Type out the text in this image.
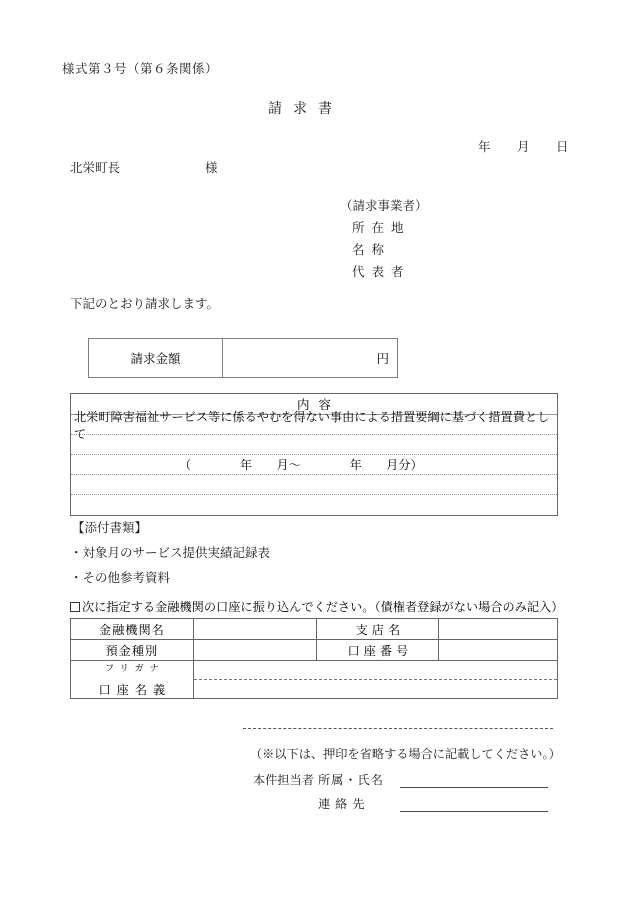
様式第３号（第６条関係）
請求書
年　　月　　日
北栄町長	様
（請求事業者）
所在地
名称
代表者
下記のとおり請求します。
請求金額	円
内容
北栄町障害福祉サービス等に係るやむを得ない事由による措置要綱に基づく措置費として
（　　　　年　　月〜　　　　年　　月分）
【添付書類】
・対象月のサービス提供実績記録表
・その他参考資料
次に指定する金融機関の口座に振り込んでください。（債権者登録がない場合のみ記入）
金融機関名		支店名	
預金種別		口座番号	

フリガナ
口座名義			

（※以下は、押印を省略する場合に記載してください。）
本件担当者 所属・氏名
連絡先
